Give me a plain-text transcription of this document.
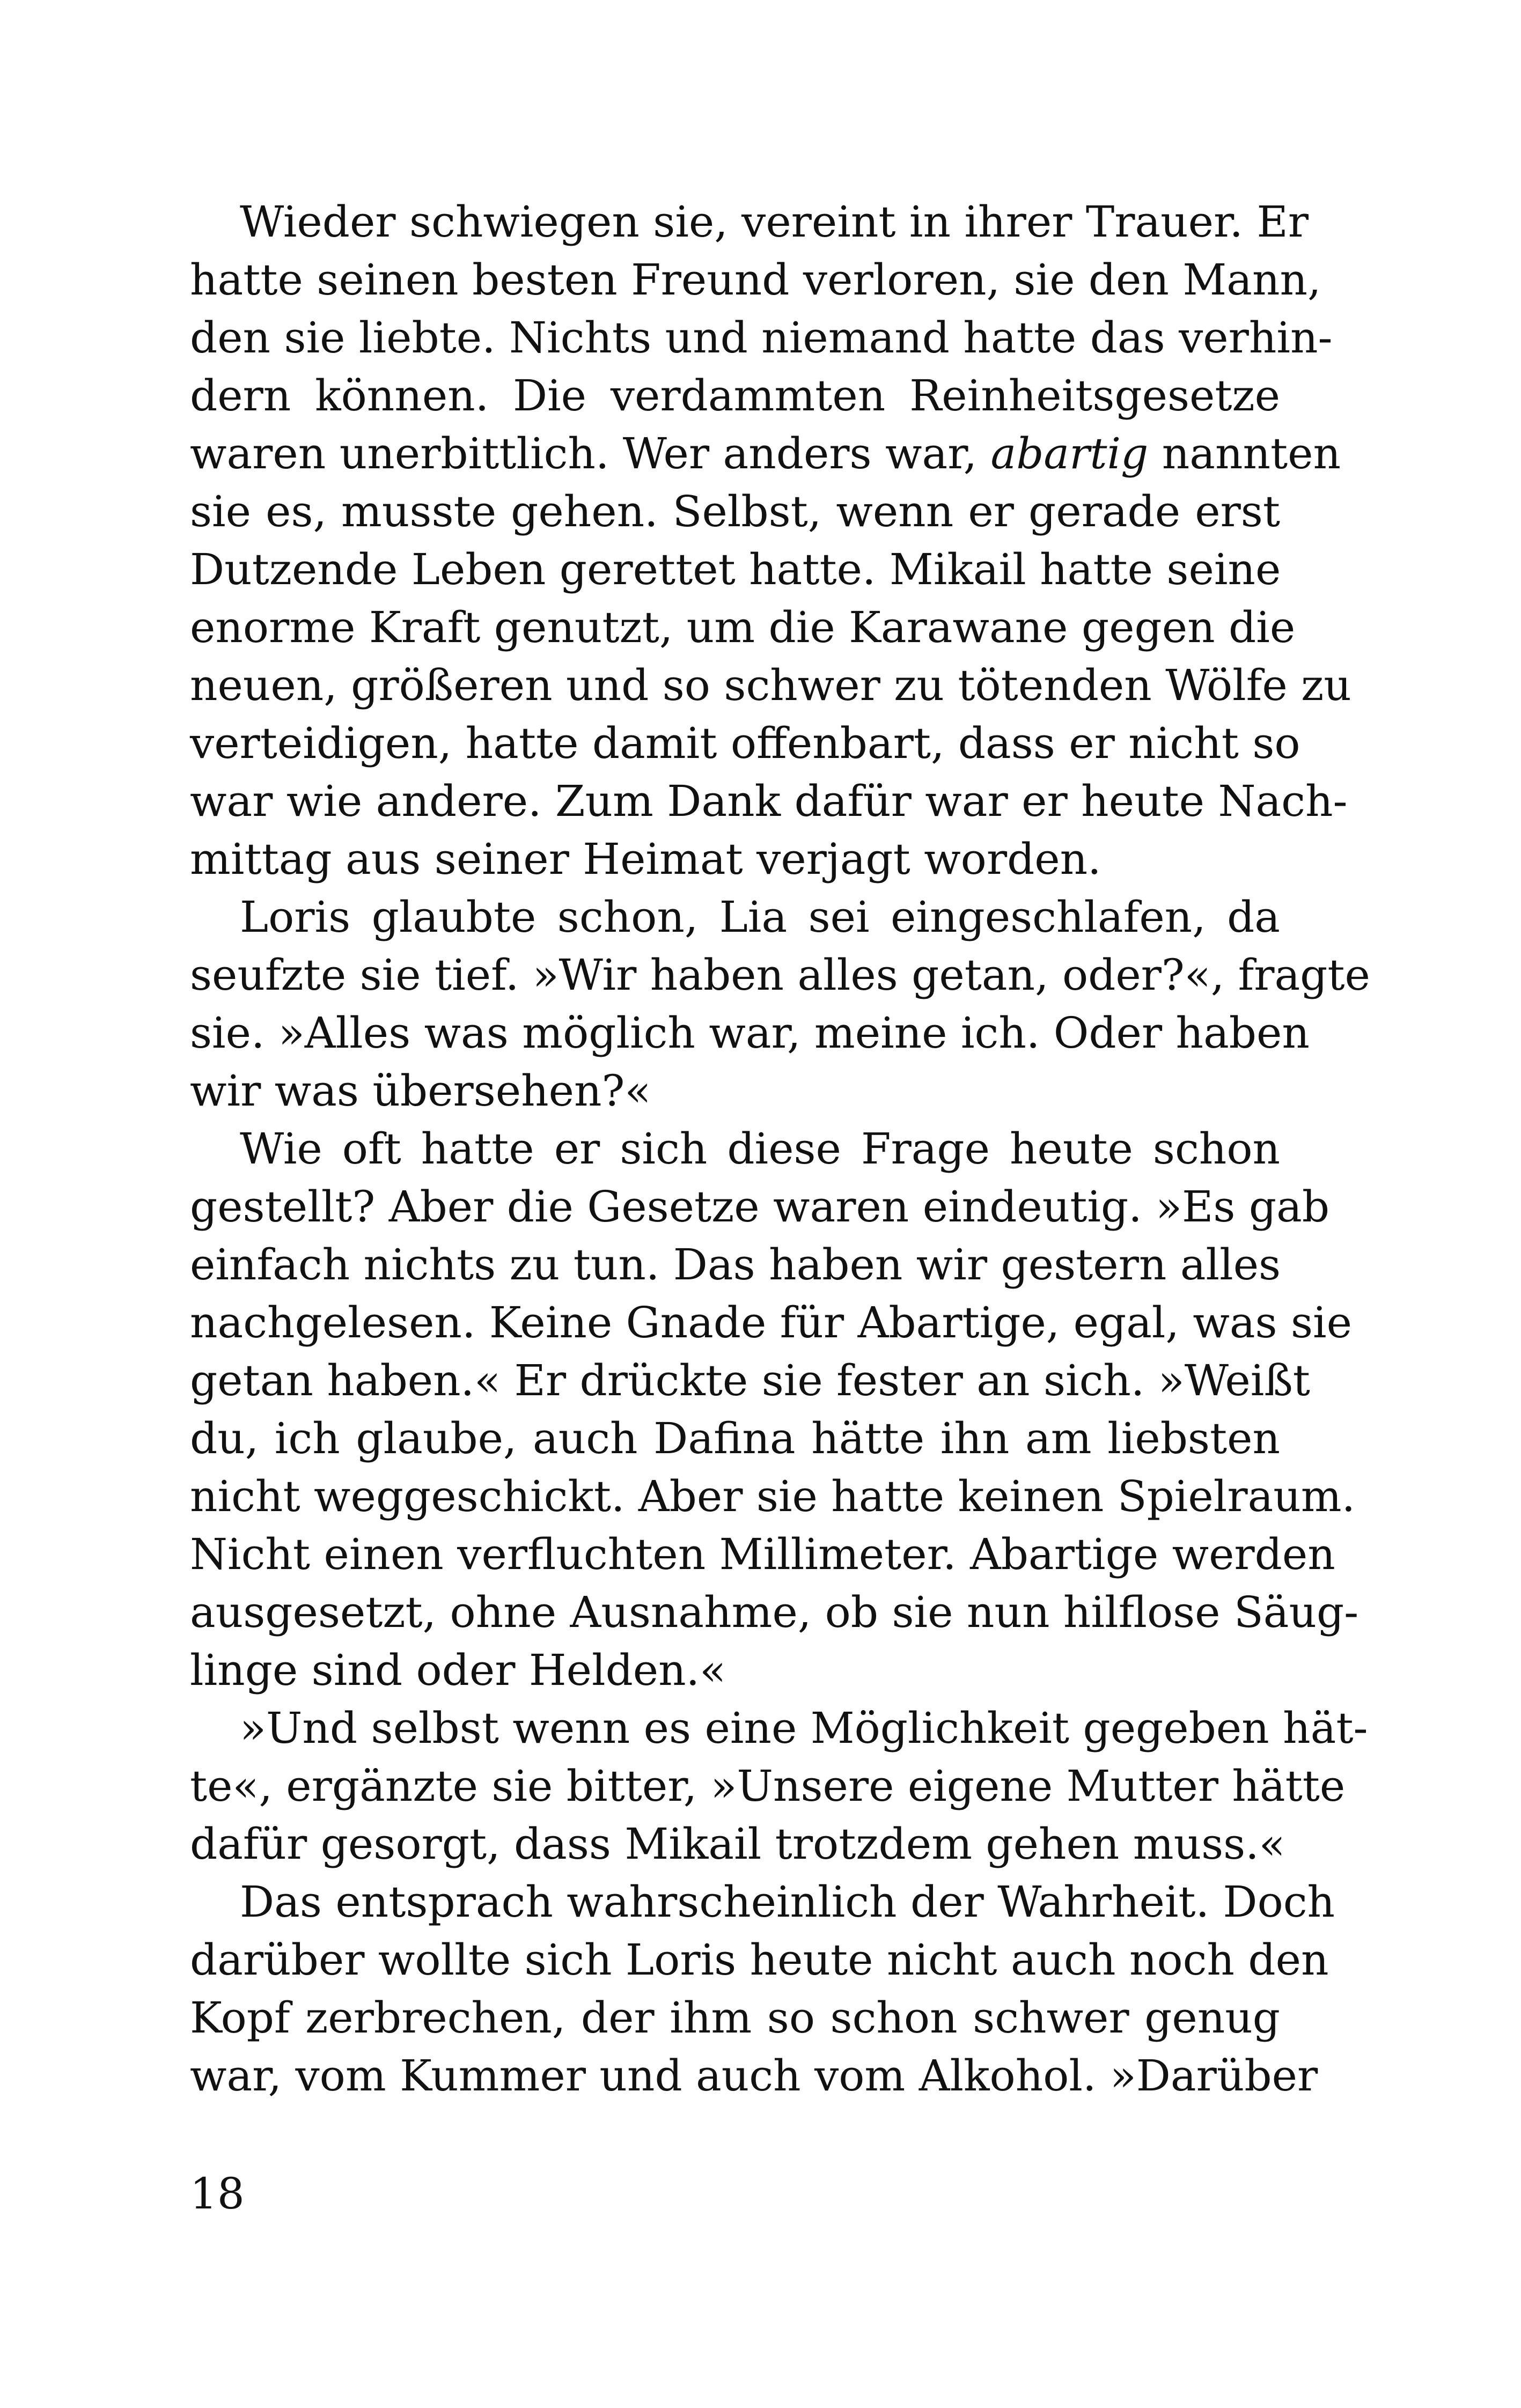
Wieder schwiegen sie, vereint in ihrer Trauer. Er
hatte seinen besten Freund verloren, sie den Mann,
den sie liebte. Nichts und niemand hatte das verhin-
dern können. Die verdammten Reinheitsgesetze
waren unerbittlich. Wer anders war, abartig nannten
sie es, musste gehen. Selbst, wenn er gerade erst
Dutzende Leben gerettet hatte. Mikail hatte seine
enorme Kraft genutzt, um die Karawane gegen die
neuen, größeren und so schwer zu tötenden Wölfe zu
verteidigen, hatte damit offenbart, dass er nicht so
war wie andere. Zum Dank dafür war er heute Nach-
mittag aus seiner Heimat verjagt worden.
Loris glaubte schon, Lia sei eingeschlafen, da
seufzte sie tief. »Wir haben alles getan, oder?«, fragte
sie. »Alles was möglich war, meine ich. Oder haben
wir was übersehen?«
Wie oft hatte er sich diese Frage heute schon
gestellt? Aber die Gesetze waren eindeutig. »Es gab
einfach nichts zu tun. Das haben wir gestern alles
nachgelesen. Keine Gnade für Abartige, egal, was sie
getan haben.« Er drückte sie fester an sich. »Weißt
du, ich glaube, auch Dafina hätte ihn am liebsten
nicht weggeschickt. Aber sie hatte keinen Spielraum.
Nicht einen verfluchten Millimeter. Abartige werden
ausgesetzt, ohne Ausnahme, ob sie nun hilflose Säug-
linge sind oder Helden.«
»Und selbst wenn es eine Möglichkeit gegeben hät-
te«, ergänzte sie bitter, »Unsere eigene Mutter hätte
dafür gesorgt, dass Mikail trotzdem gehen muss.«
Das entsprach wahrscheinlich der Wahrheit. Doch
darüber wollte sich Loris heute nicht auch noch den
Kopf zerbrechen, der ihm so schon schwer genug
war, vom Kummer und auch vom Alkohol. »Darüber
18
